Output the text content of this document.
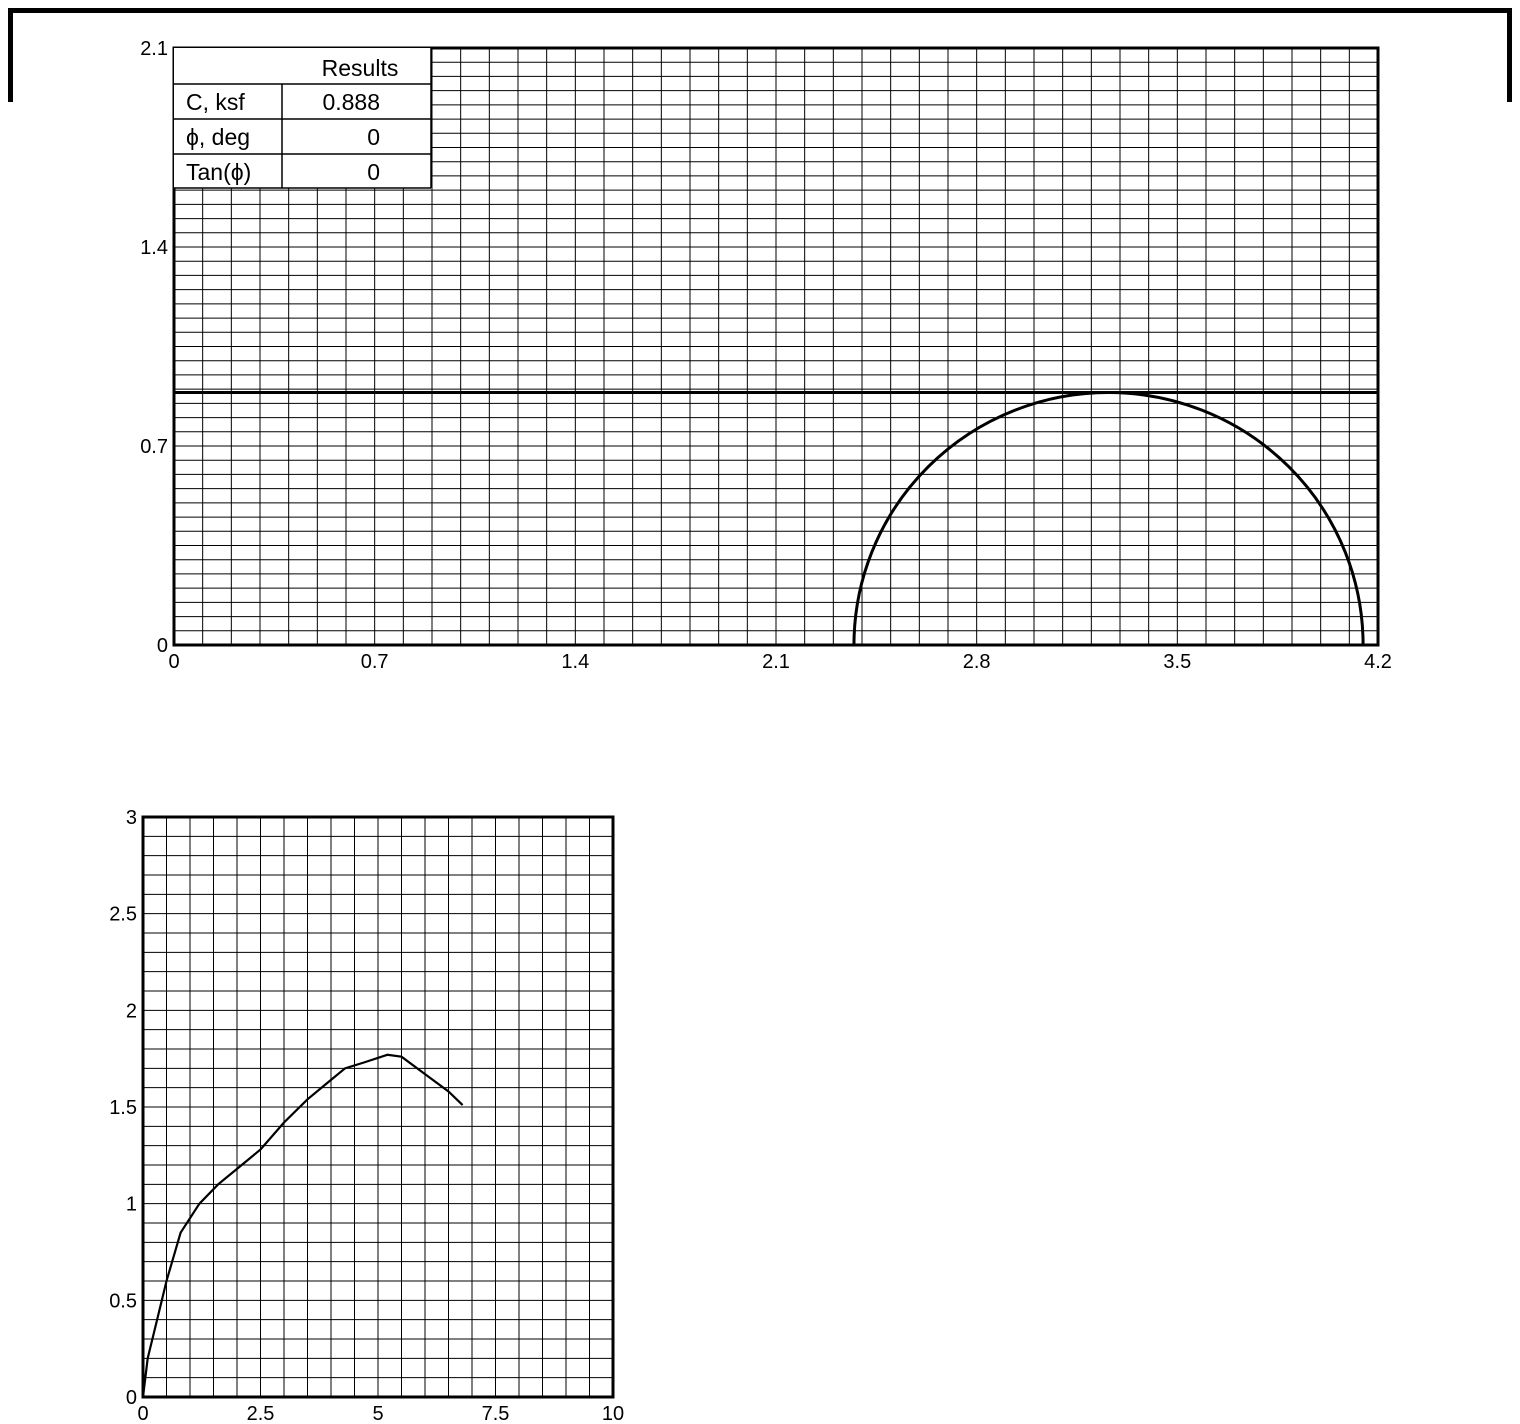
0	0.7	1.4	2.1	2.8	3.5	4.2
0
0.7
1.4
2.1
0	2.5	5	7.5	10
0
0.5
1
1.5
2
2.5
3
Results
C, ksf	0.888
ϕ, deg	0
Tan(ϕ)	0
